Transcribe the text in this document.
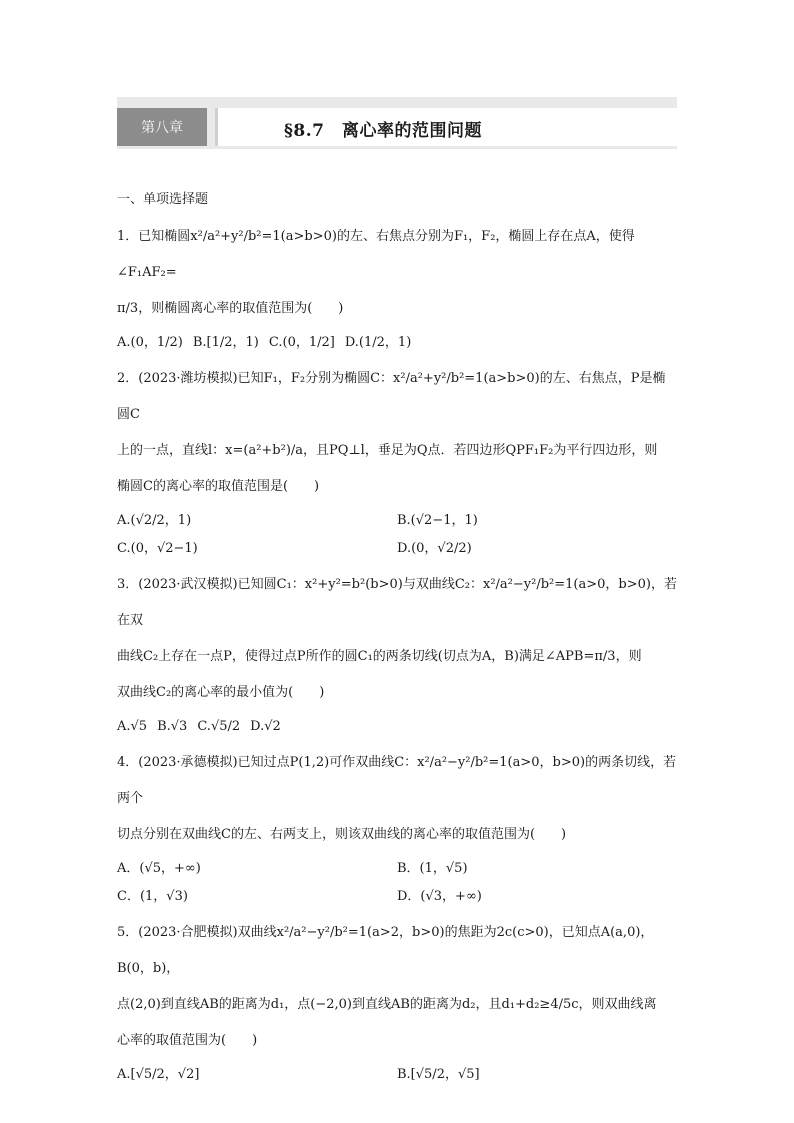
第八章	§8.7　离心率的范围问题
一、单项选择题
1．已知椭圆x²/a²+y²/b²=1(a>b>0)的左、右焦点分别为F₁，F₂，椭圆上存在点A，使得∠F₁AF₂=
π/3，则椭圆离心率的取值范围为(　　)
A.(0，1/2) B.[1/2，1) C.(0，1/2] D.(1/2，1)
2．(2023·潍坊模拟)已知F₁，F₂分别为椭圆C：x²/a²+y²/b²=1(a>b>0)的左、右焦点，P是椭圆C
上的一点，直线l：x=(a²+b²)/a，且PQ⊥l，垂足为Q点．若四边形QPF₁F₂为平行四边形，则
椭圆C的离心率的取值范围是(　　)
A.(√2/2，1)	B.(√2−1，1)
C.(0，√2−1)	D.(0，√2/2)
3．(2023·武汉模拟)已知圆C₁：x²+y²=b²(b>0)与双曲线C₂：x²/a²−y²/b²=1(a>0，b>0)，若在双
曲线C₂上存在一点P，使得过点P所作的圆C₁的两条切线(切点为A，B)满足∠APB=π/3，则
双曲线C₂的离心率的最小值为(　　)
A.√5 B.√3 C.√5/2 D.√2
4．(2023·承德模拟)已知过点P(1,2)可作双曲线C：x²/a²−y²/b²=1(a>0，b>0)的两条切线，若两个
切点分别在双曲线C的左、右两支上，则该双曲线的离心率的取值范围为(　　)
A．(√5，+∞)	B．(1，√5)
C．(1，√3)	D．(√3，+∞)
5．(2023·合肥模拟)双曲线x²/a²−y²/b²=1(a>2，b>0)的焦距为2c(c>0)，已知点A(a,0)，B(0，b)，
点(2,0)到直线AB的距离为d₁，点(−2,0)到直线AB的距离为d₂，且d₁+d₂≥4/5c，则双曲线离
心率的取值范围为(　　)
A.[√5/2，√2]	B.[√5/2，√5]
